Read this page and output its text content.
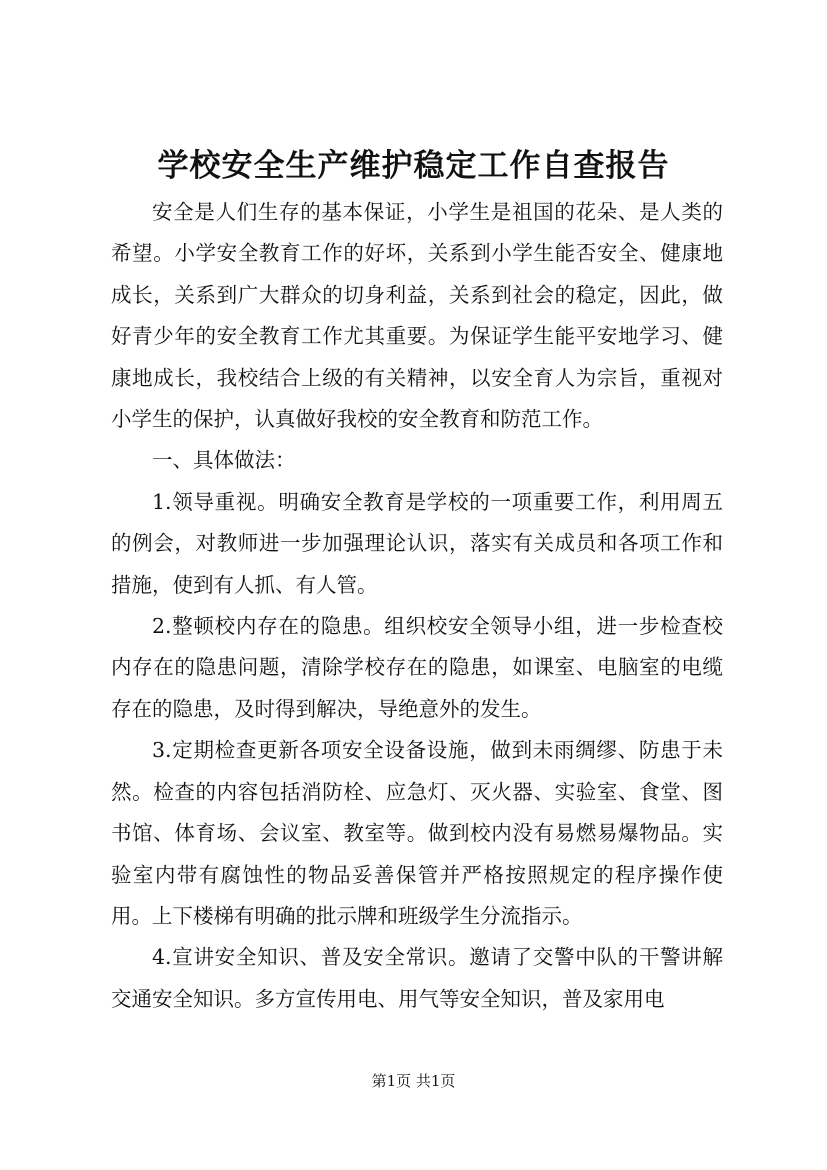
学校安全生产维护稳定工作自查报告

安全是人们生存的基本保证，小学生是祖国的花朵、是人类的希望。小学安全教育工作的好坏，关系到小学生能否安全、健康地成长，关系到广大群众的切身利益，关系到社会的稳定，因此，做好青少年的安全教育工作尤其重要。为保证学生能平安地学习、健康地成长，我校结合上级的有关精神，以安全育人为宗旨，重视对小学生的保护，认真做好我校的安全教育和防范工作。

一、具体做法：

1.领导重视。明确安全教育是学校的一项重要工作，利用周五的例会，对教师进一步加强理论认识，落实有关成员和各项工作和措施，使到有人抓、有人管。

2.整顿校内存在的隐患。组织校安全领导小组，进一步检查校内存在的隐患问题，清除学校存在的隐患，如课室、电脑室的电缆存在的隐患，及时得到解决，导绝意外的发生。

3.定期检查更新各项安全设备设施，做到未雨绸缪、防患于未然。检查的内容包括消防栓、应急灯、灭火器、实验室、食堂、图书馆、体育场、会议室、教室等。做到校内没有易燃易爆物品。实验室内带有腐蚀性的物品妥善保管并严格按照规定的程序操作使用。上下楼梯有明确的批示牌和班级学生分流指示。

4.宣讲安全知识、普及安全常识。邀请了交警中队的干警讲解交通安全知识。多方宣传用电、用气等安全知识，普及家用电

第1页 共1页
